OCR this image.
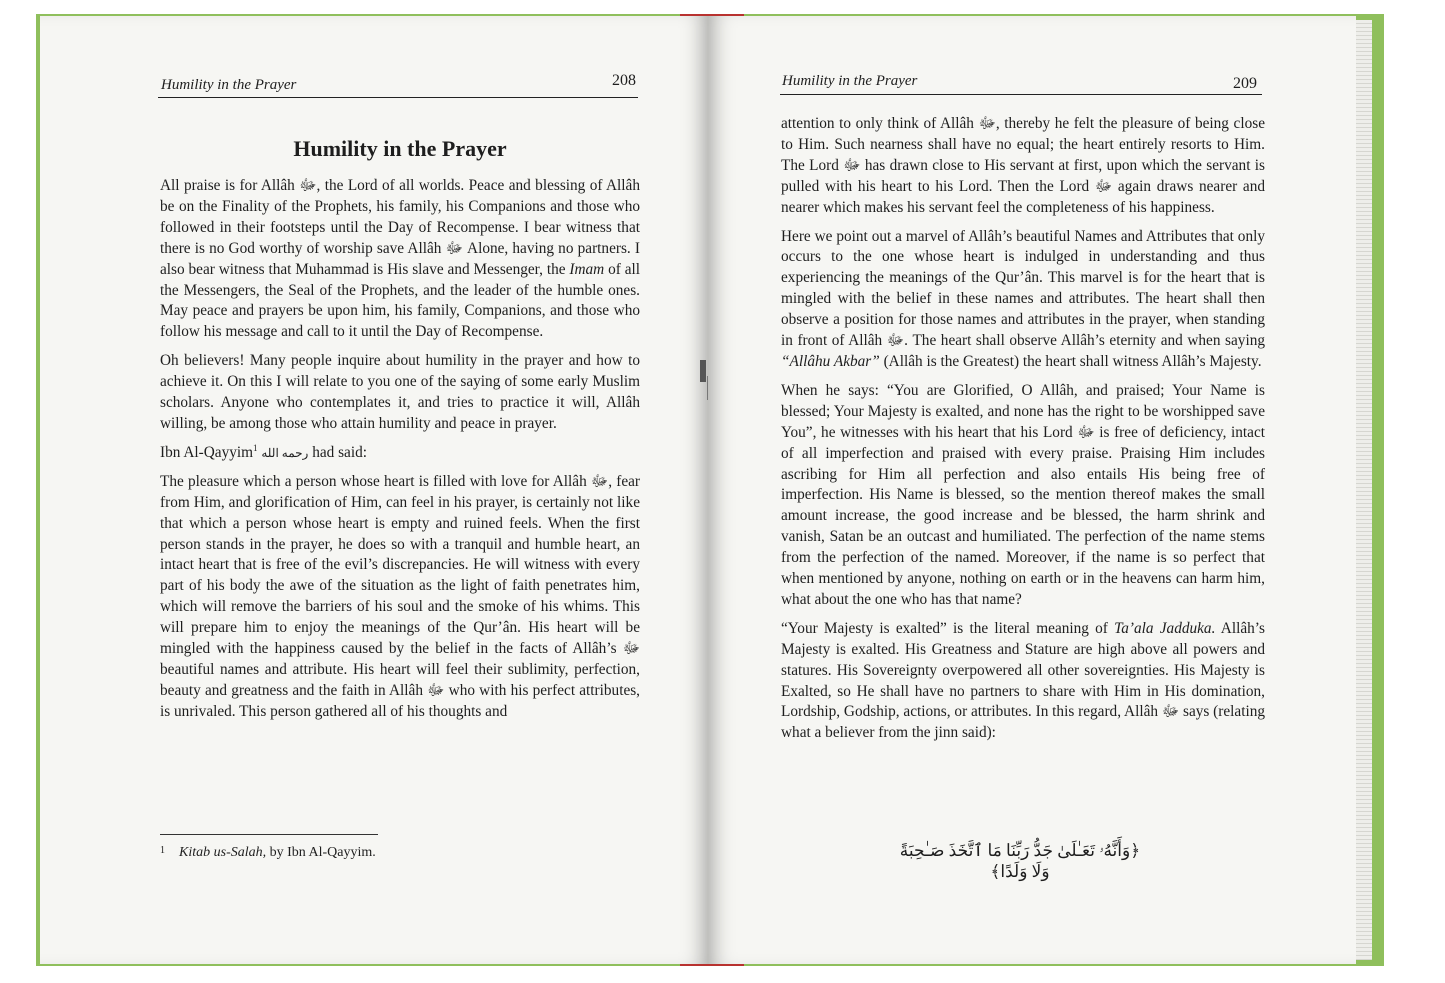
Humility in the Prayer	208
Humility in the Prayer

All praise is for Allâh ﷻ, the Lord of all worlds. Peace and blessing of Allâh be on the Finality of the Prophets, his family, his Companions and those who followed in their footsteps until the Day of Recompense. I bear witness that there is no God worthy of worship save Allâh ﷻ Alone, having no partners. I also bear witness that Muhammad is His slave and Messenger, the Imam of all the Messengers, the Seal of the Prophets, and the leader of the humble ones. May peace and prayers be upon him, his family, Companions, and those who follow his message and call to it until the Day of Recompense.

Oh believers! Many people inquire about humility in the prayer and how to achieve it. On this I will relate to you one of the saying of some early Muslim scholars. Anyone who contemplates it, and tries to practice it will, Allâh willing, be among those who attain humility and peace in prayer.

Ibn Al-Qayyim$^1$ رحمه الله had said:

The pleasure which a person whose heart is filled with love for Allâh ﷻ, fear from Him, and glorification of Him, can feel in his prayer, is certainly not like that which a person whose heart is empty and ruined feels. When the first person stands in the prayer, he does so with a tranquil and humble heart, an intact heart that is free of the evil’s discrepancies. He will witness with every part of his body the awe of the situation as the light of faith penetrates him, which will remove the barriers of his soul and the smoke of his whims. This will prepare him to enjoy the meanings of the Qur’ân. His heart will be mingled with the happiness caused by the belief in the facts of Allâh’s ﷻ beautiful names and attribute. His heart will feel their sublimity, perfection, beauty and greatness and the faith in Allâh ﷻ who with his perfect attributes, is unrivaled. This person gathered all of his thoughts and

$^1$ Kitab us-Salah, by Ibn Al-Qayyim.
Humility in the Prayer	209

attention to only think of Allâh ﷻ, thereby he felt the pleasure of being close to Him. Such nearness shall have no equal; the heart entirely resorts to Him. The Lord ﷻ has drawn close to His servant at first, upon which the servant is pulled with his heart to his Lord. Then the Lord ﷻ again draws nearer and nearer which makes his servant feel the completeness of his happiness.

Here we point out a marvel of Allâh’s beautiful Names and Attributes that only occurs to the one whose heart is indulged in understanding and thus experiencing the meanings of the Qur’ân. This marvel is for the heart that is mingled with the belief in these names and attributes. The heart shall then observe a position for those names and attributes in the prayer, when standing in front of Allâh ﷻ. The heart shall observe Allâh’s eternity and when saying “Allâhu Akbar” (Allâh is the Greatest) the heart shall witness Allâh’s Majesty.

When he says: “You are Glorified, O Allâh, and praised; Your Name is blessed; Your Majesty is exalted, and none has the right to be worshipped save You”, he witnesses with his heart that his Lord ﷻ is free of deficiency, intact of all imperfection and praised with every praise. Praising Him includes ascribing for Him all perfection and also entails His being free of imperfection. His Name is blessed, so the mention thereof makes the small amount increase, the good increase and be blessed, the harm shrink and vanish, Satan be an outcast and humiliated. The perfection of the name stems from the perfection of the named. Moreover, if the name is so perfect that when mentioned by anyone, nothing on earth or in the heavens can harm him, what about the one who has that name?

“Your Majesty is exalted” is the literal meaning of Ta’ala Jadduka. Allâh’s Majesty is exalted. His Greatness and Stature are high above all powers and statures. His Sovereignty overpowered all other sovereignties. His Majesty is Exalted, so He shall have no partners to share with Him in His domination, Lordship, Godship, actions, or attributes. In this regard, Allâh ﷻ says (relating what a believer from the jinn said):

﴿وَأَنَّهُۥ تَعَـٰلَىٰ جَدُّ رَبِّنَا مَا ٱتَّخَذَ صَـٰحِبَةً وَلَا وَلَدًا﴾
